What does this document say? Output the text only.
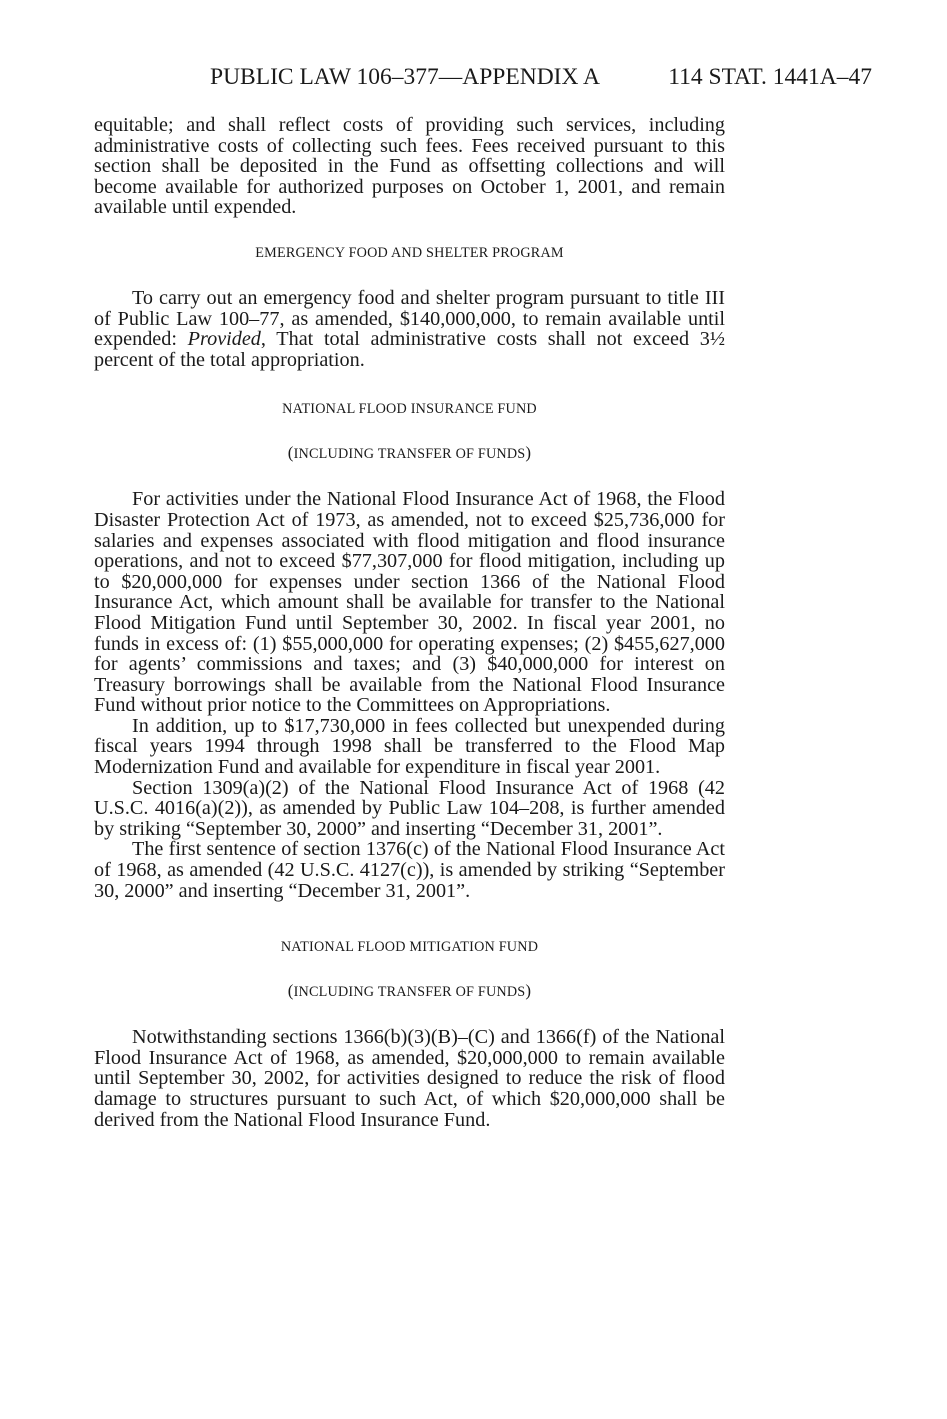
PUBLIC LAW 106–377—APPENDIX A	114 STAT. 1441A–47

equitable; and shall reflect costs of providing such services, including administrative costs of collecting such fees. Fees received pursuant to this section shall be deposited in the Fund as offsetting collections and will become available for authorized purposes on October 1, 2001, and remain available until expended.

EMERGENCY FOOD AND SHELTER PROGRAM

To carry out an emergency food and shelter program pursuant to title III of Public Law 100–77, as amended, $140,000,000, to remain available until expended: Provided, That total administrative costs shall not exceed 3½ percent of the total appropriation.

NATIONAL FLOOD INSURANCE FUND
(INCLUDING TRANSFER OF FUNDS)

For activities under the National Flood Insurance Act of 1968, the Flood Disaster Protection Act of 1973, as amended, not to exceed $25,736,000 for salaries and expenses associated with flood mitigation and flood insurance operations, and not to exceed $77,307,000 for flood mitigation, including up to $20,000,000 for expenses under section 1366 of the National Flood Insurance Act, which amount shall be available for transfer to the National Flood Mitigation Fund until September 30, 2002. In fiscal year 2001, no funds in excess of: (1) $55,000,000 for operating expenses; (2) $455,627,000 for agents’ commissions and taxes; and (3) $40,000,000 for interest on Treasury borrowings shall be available from the National Flood Insurance Fund without prior notice to the Committees on Appropriations.

In addition, up to $17,730,000 in fees collected but unexpended during fiscal years 1994 through 1998 shall be transferred to the Flood Map Modernization Fund and available for expenditure in fiscal year 2001.

Section 1309(a)(2) of the National Flood Insurance Act of 1968 (42 U.S.C. 4016(a)(2)), as amended by Public Law 104–208, is further amended by striking “September 30, 2000” and inserting “December 31, 2001”.

The first sentence of section 1376(c) of the National Flood Insurance Act of 1968, as amended (42 U.S.C. 4127(c)), is amended by striking “September 30, 2000” and inserting “December 31, 2001”.

NATIONAL FLOOD MITIGATION FUND
(INCLUDING TRANSFER OF FUNDS)

Notwithstanding sections 1366(b)(3)(B)–(C) and 1366(f) of the National Flood Insurance Act of 1968, as amended, $20,000,000 to remain available until September 30, 2002, for activities designed to reduce the risk of flood damage to structures pursuant to such Act, of which $20,000,000 shall be derived from the National Flood Insurance Fund.
